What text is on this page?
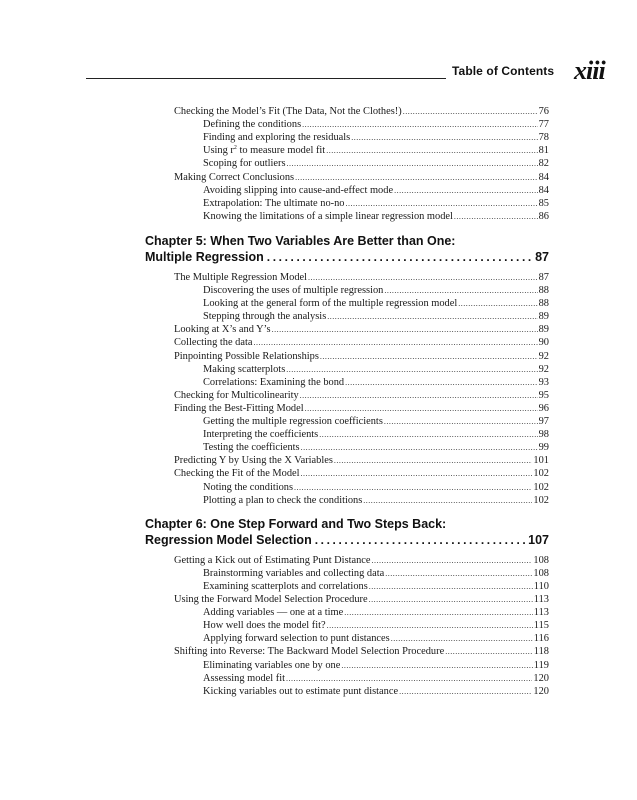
Table of Contents xiii
Checking the Model’s Fit (The Data, Not the Clothes!) .....	76
Defining the conditions .....	77
Finding and exploring the residuals .....	78
Using $r^2$ to measure model fit .....	81
Scoping for outliers .....	82
Making Correct Conclusions .....	84
Avoiding slipping into cause-and-effect mode .....	84
Extrapolation: The ultimate no-no .....	85
Knowing the limitations of a simple linear regression model .....	86
Chapter 5: When Two Variables Are Better than One:
Multiple Regression .....	87
The Multiple Regression Model .....	87
Discovering the uses of multiple regression .....	88
Looking at the general form of the multiple regression model .....	88
Stepping through the analysis .....	89
Looking at X’s and Y’s .....	89
Collecting the data .....	90
Pinpointing Possible Relationships .....	92
Making scatterplots .....	92
Correlations: Examining the bond .....	93
Checking for Multicolinearity .....	95
Finding the Best-Fitting Model .....	96
Getting the multiple regression coefficients .....	97
Interpreting the coefficients .....	98
Testing the coefficients .....	99
Predicting Y by Using the X Variables .....	101
Checking the Fit of the Model .....	102
Noting the conditions .....	102
Plotting a plan to check the conditions .....	102
Chapter 6: One Step Forward and Two Steps Back:
Regression Model Selection .....	107
Getting a Kick out of Estimating Punt Distance .....	108
Brainstorming variables and collecting data .....	108
Examining scatterplots and correlations .....	110
Using the Forward Model Selection Procedure .....	113
Adding variables — one at a time .....	113
How well does the model fit? .....	115
Applying forward selection to punt distances .....	116
Shifting into Reverse: The Backward Model Selection Procedure .....	118
Eliminating variables one by one .....	119
Assessing model fit .....	120
Kicking variables out to estimate punt distance .....	120
